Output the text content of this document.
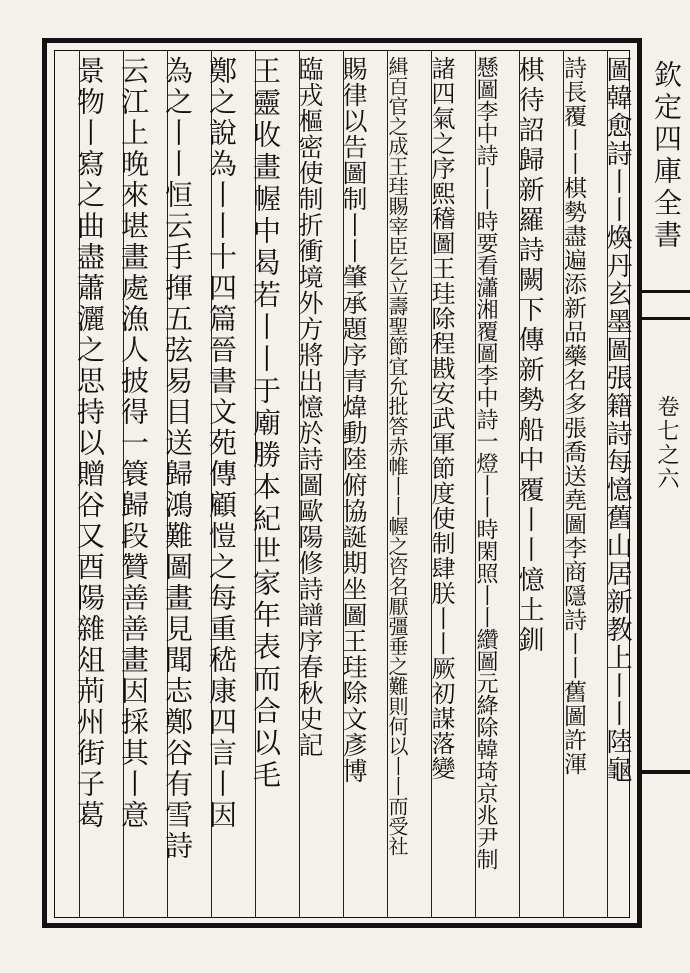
欽定四庫全書
卷七之六
圖韓愈詩丨丨煥丹玄墨圖張籍詩每憶舊山居新教上丨丨陸龜
詩長覆丨丨棋勢盡遍添新品藥名多張喬送堯圖李商隱詩丨丨舊圖許渾
棋待詔歸新羅詩闕下傳新勢船中覆丨丨憶土釧
懸圖李中詩丨丨時要看瀟湘覆圖李中詩一燈丨丨時閑照丨丨纘圖元絳除韓琦京兆尹制
諸四氣之序熙稽圖王珪除程戡安武軍節度使制肆朕丨丨厥初謀落變
緝百官之成王珪賜宰臣乞立壽聖節宜允批答赤帷丨丨幄之咨名厭彊垂之難則何以丨丨而受社
賜律以告圖制丨丨肇承題序青煒動陸俯協誕期坐圖王珪除文彥博
臨戎樞密使制折衝境外方將出憶於詩圖歐陽修詩譜序春秋史記
王靈收畫幄中曷若丨丨于廟勝本紀世家年表而合以毛
鄭之說為丨丨十四篇晉書文苑傳顧愷之每重嵇康四言丨因
為之丨丨恒云手揮五弦易目送歸鴻難圖畫見聞志鄭谷有雪詩
云江上晚來堪畫處漁人披得一簑歸段贊善善畫因採其丨意
景物丨寫之曲盡蕭灑之思持以贈谷又酉陽雜俎荊州街子葛
